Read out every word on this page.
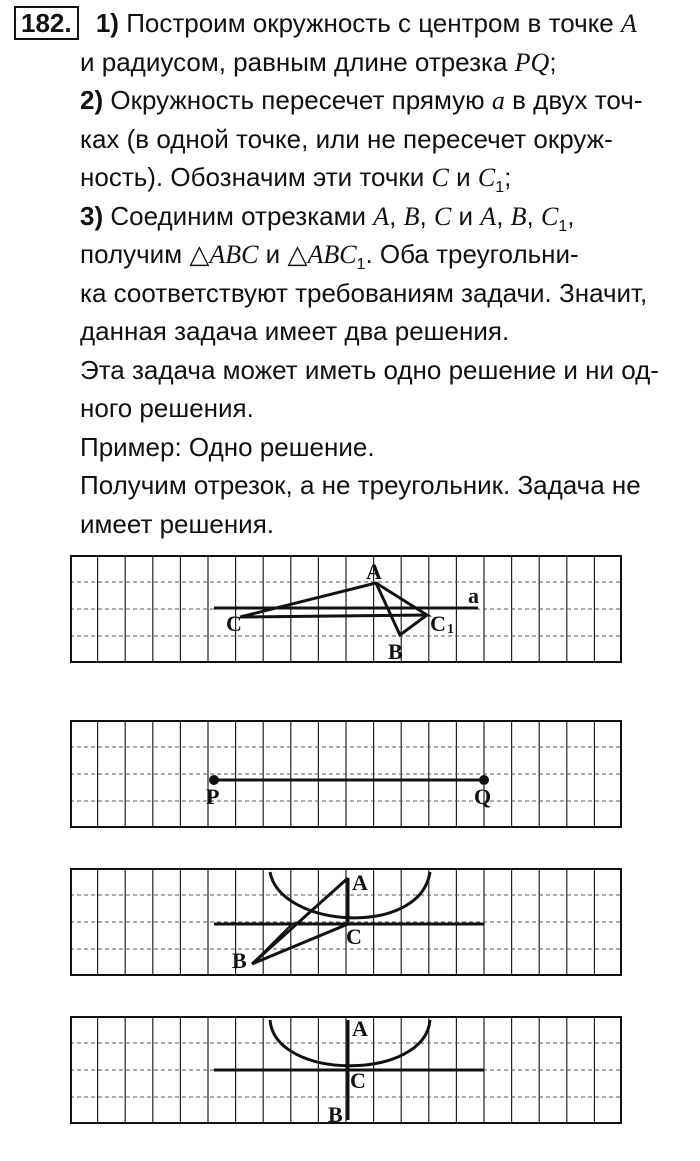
182. 1) Построим окружность с центром в точке A
и радиусом, равным длине отрезка PQ;
2) Окружность пересечет прямую a в двух точ-
ках (в одной точке, или не пересечет окруж-
ность). Обозначим эти точки C и $C_1$;
3) Соединим отрезками A, B, C и A, B, $C_1$,
получим △ABC и $\triangle ABC_1$. Оба треугольни-
ка соответствуют требованиям задачи. Значит,
данная задача имеет два решения.
Эта задача может иметь одно решение и ни од-
ного решения.
Пример: Одно решение.
Получим отрезок, а не треугольник. Задача не
имеет решения.
A
a
C	C 1
B
P	Q
A
C
B
A
C
B
